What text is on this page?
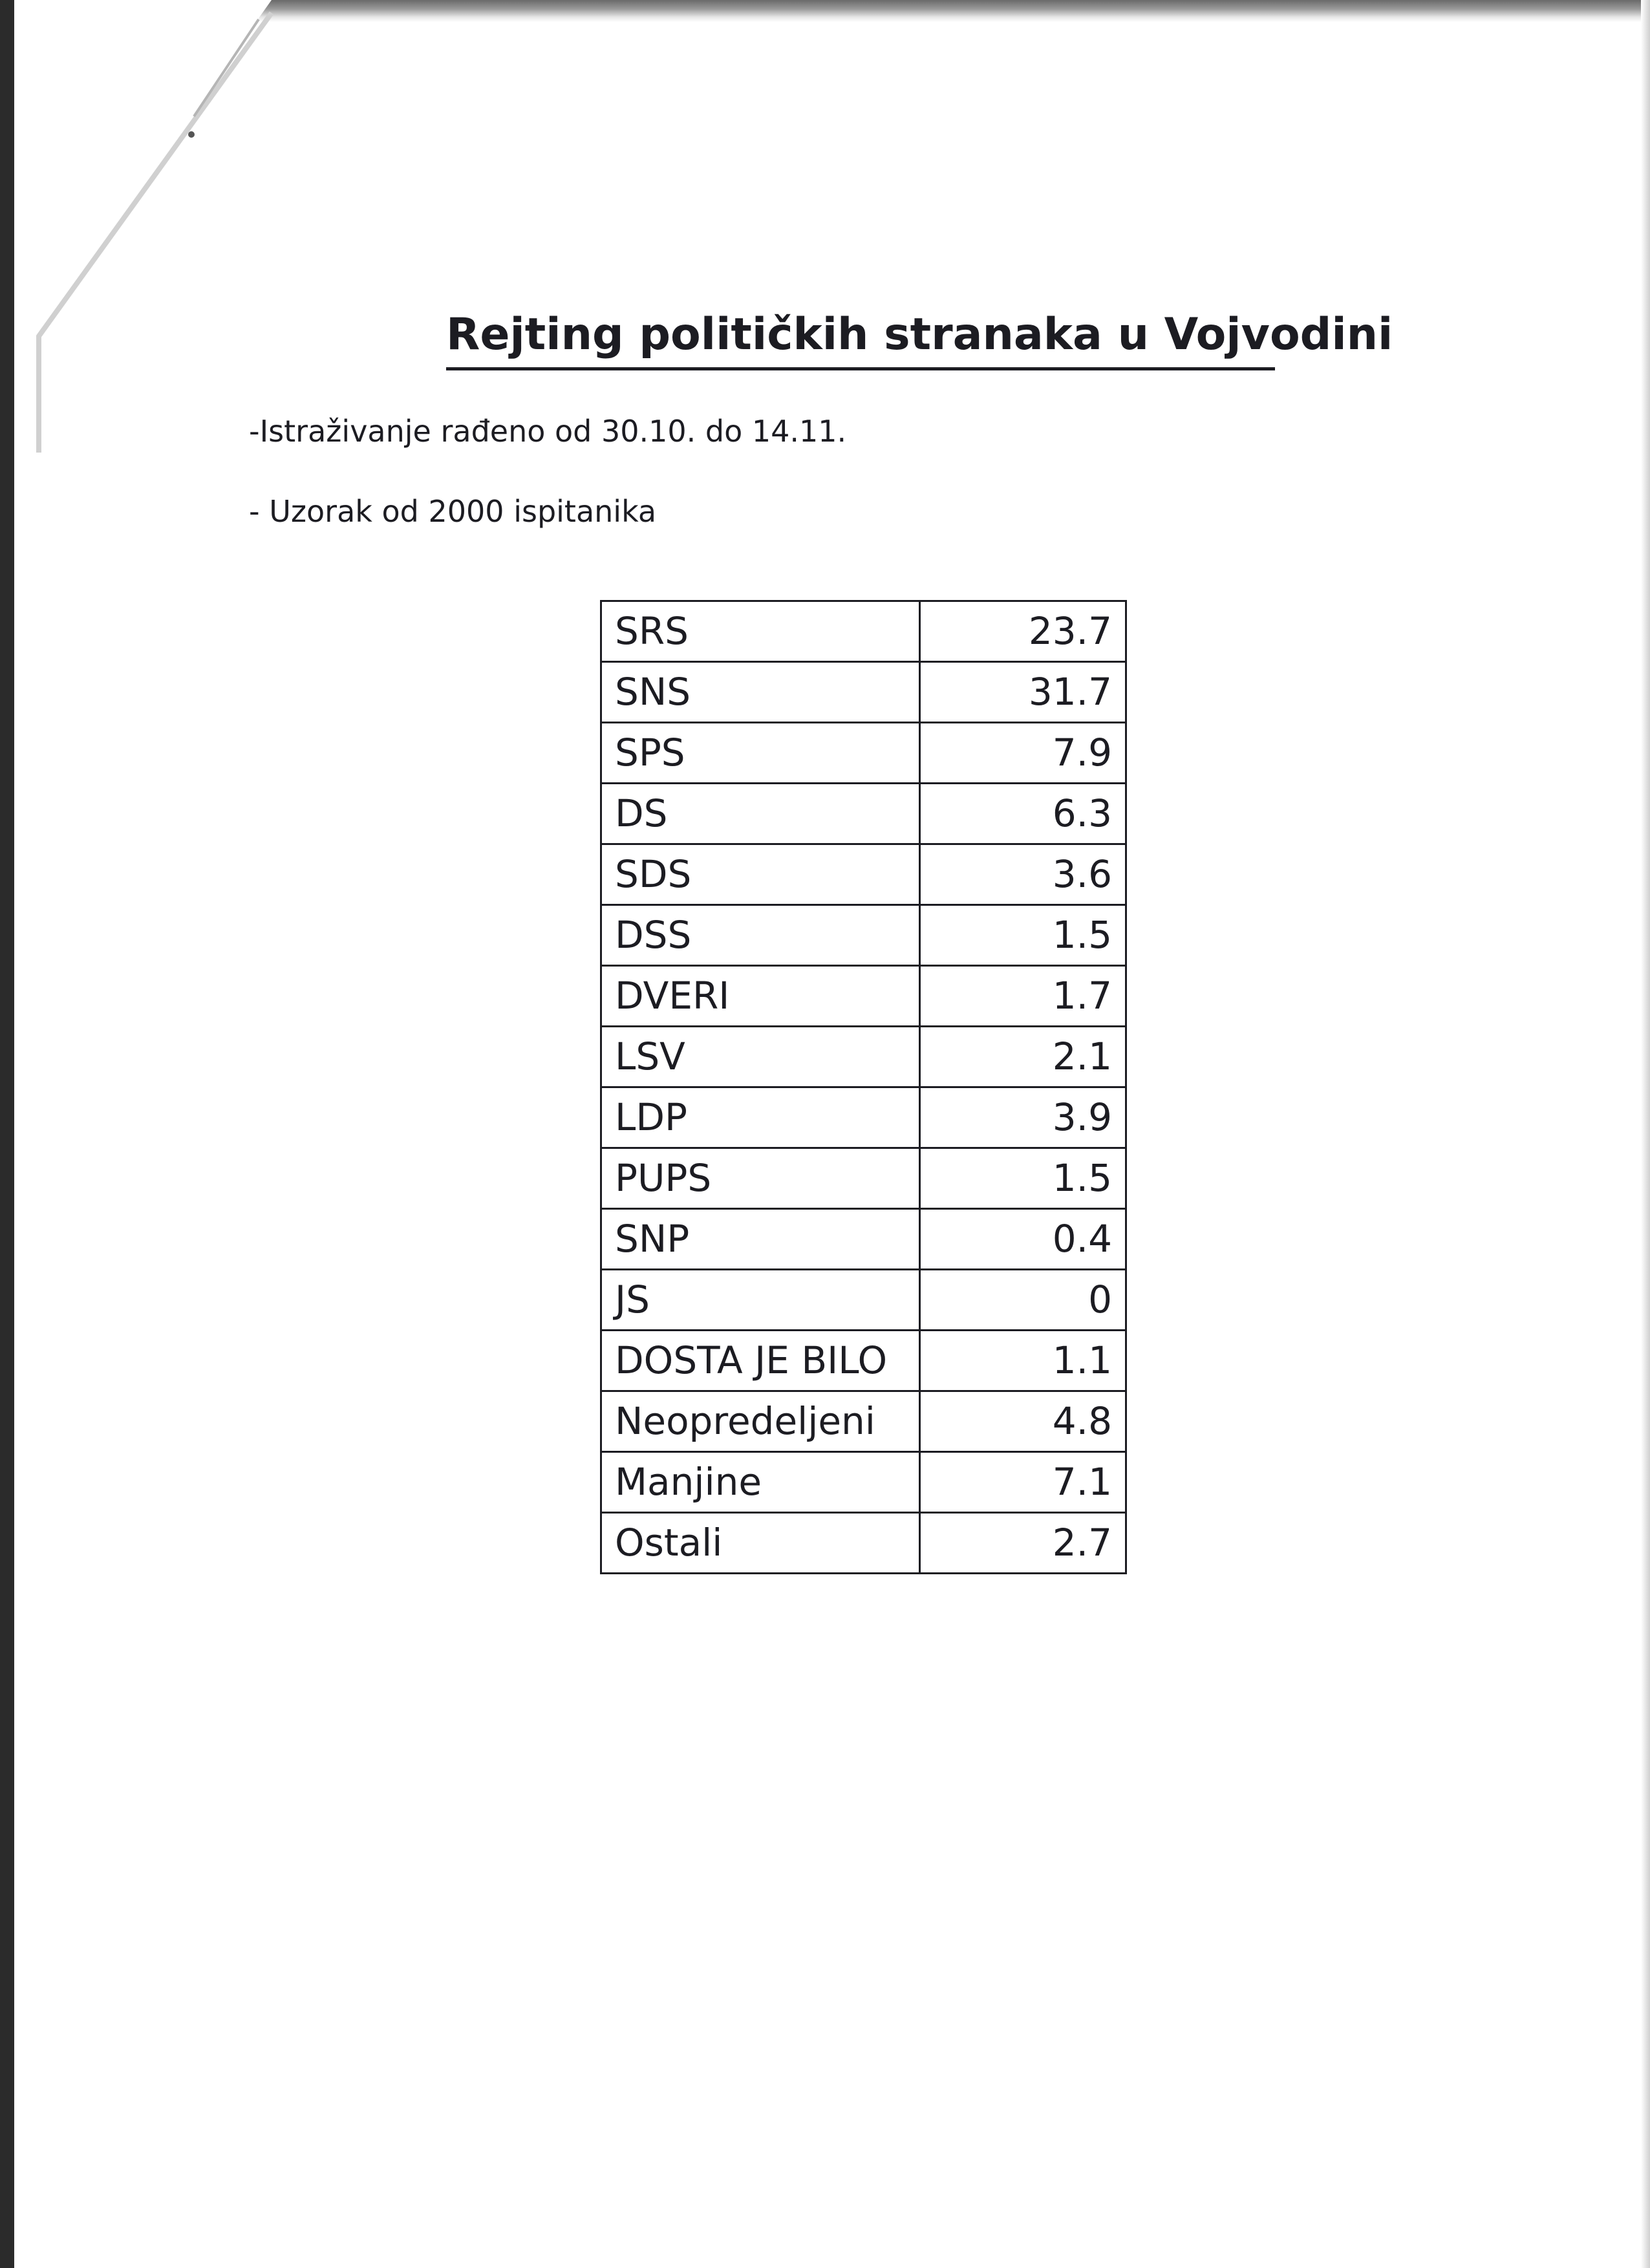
Rejting političkih stranaka u Vojvodini
-Istraživanje rađeno od 30.10. do 14.11.
- Uzorak od 2000 ispitanika
SRS	23.7
SNS	31.7
SPS	7.9
DS	6.3
SDS	3.6
DSS	1.5
DVERI	1.7
LSV	2.1
LDP	3.9
PUPS	1.5
SNP	0.4
JS	0
DOSTA JE BILO	1.1
Neopredeljeni	4.8
Manjine	7.1
Ostali	2.7
